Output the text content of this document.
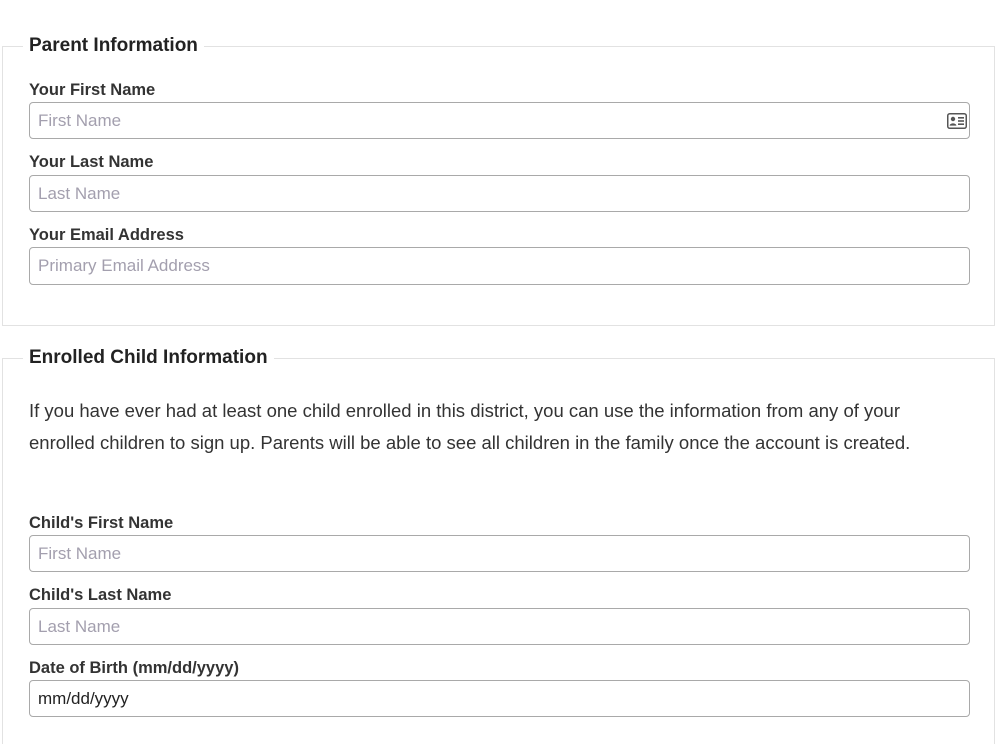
Parent Information
Your First Name
First Name
Your Last Name
Last Name
Your Email Address
Primary Email Address
Enrolled Child Information

If you have ever had at least one child enrolled in this district, you can use the information from any of your enrolled children to sign up. Parents will be able to see all children in the family once the account is created.

Child's First Name
First Name
Child's Last Name
Last Name
Date of Birth (mm/dd/yyyy)
mm/dd/yyyy
